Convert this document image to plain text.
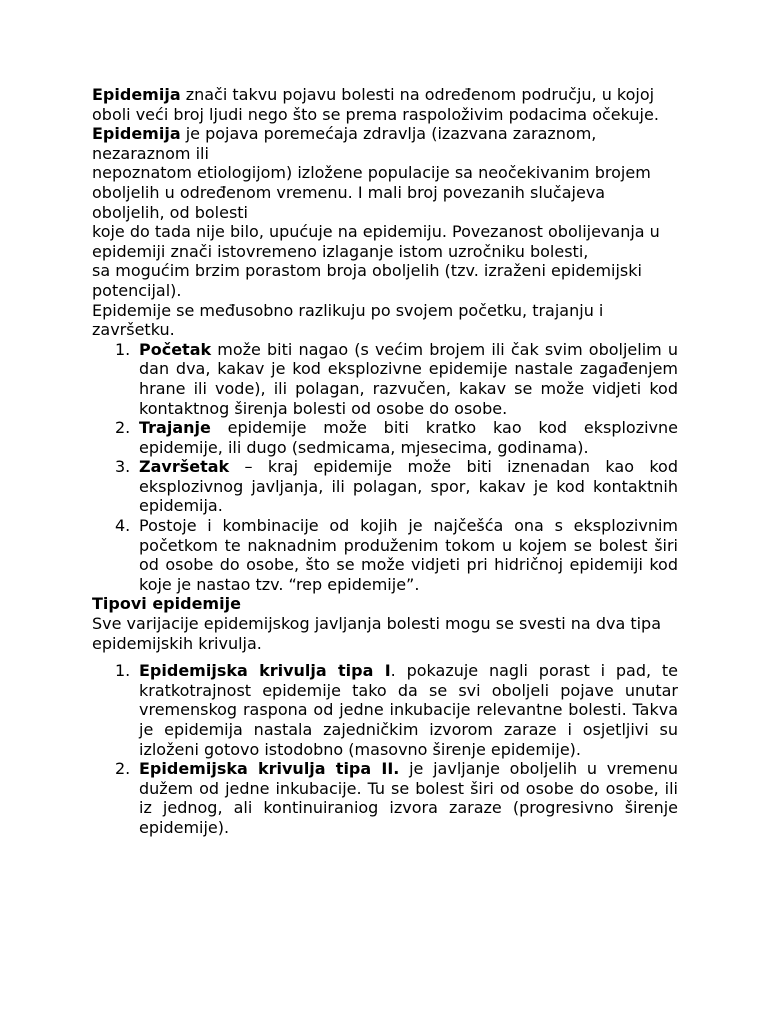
Epidemija znači takvu pojavu bolesti na određenom području, u kojoj oboli veći broj ljudi nego što se prema raspoloživim podacima očekuje. Epidemija je pojava poremećaja zdravlja (izazvana zaraznom, nezaraznom ili

nepoznatom etiologijom) izložene populacije sa neočekivanim brojem oboljelih u određenom vremenu. I mali broj povezanih slučajeva oboljelih, od bolesti

koje do tada nije bilo, upućuje na epidemiju. Povezanost obolijevanja u epidemiji znači istovremeno izlaganje istom uzročniku bolesti,

sa mogućim brzim porastom broja oboljelih (tzv. izraženi epidemijski potencijal).

Epidemije se međusobno razlikuju po svojem početku, trajanju i završetku.

1. Početak može biti nagao (s većim brojem ili čak svim oboljelim u dan dva, kakav je kod eksplozivne epidemije nastale zagađenjem hrane ili vode), ili polagan, razvučen, kakav se može vidjeti kod kontaktnog širenja bolesti od osobe do osobe.
2. Trajanje epidemije može biti kratko kao kod eksplozivne epidemije, ili dugo (sedmicama, mjesecima, godinama).
3. Završetak – kraj epidemije može biti iznenadan kao kod eksplozivnog javljanja, ili polagan, spor, kakav je kod kontaktnih epidemija.
4. Postoje i kombinacije od kojih je najčešća ona s eksplozivnim početkom te naknadnim produženim tokom u kojem se bolest širi od osobe do osobe, što se može vidjeti pri hidričnoj epidemiji kod koje je nastao tzv. “rep epidemije”.

Tipovi epidemije

Sve varijacije epidemijskog javljanja bolesti mogu se svesti na dva tipa epidemijskih krivulja.

1. Epidemijska krivulja tipa I. pokazuje nagli porast i pad, te kratkotrajnost epidemije tako da se svi oboljeli pojave unutar vremenskog raspona od jedne inkubacije relevantne bolesti. Takva je epidemija nastala zajedničkim izvorom zaraze i osjetljivi su izloženi gotovo istodobno (masovno širenje epidemije).
2. Epidemijska krivulja tipa II. je javljanje oboljelih u vremenu dužem od jedne inkubacije. Tu se bolest širi od osobe do osobe, ili iz jednog, ali kontinuiraniog izvora zaraze (progresivno širenje epidemije).
